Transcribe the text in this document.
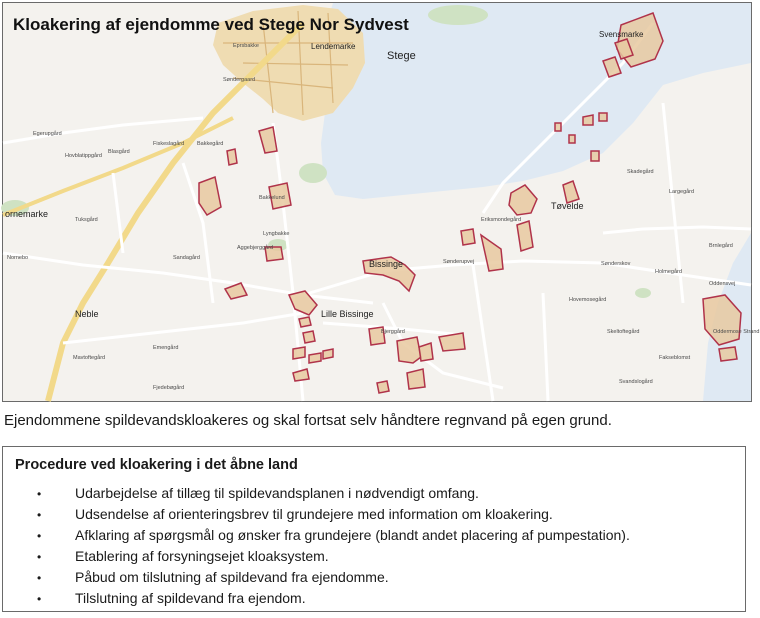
Stege
Lendemarke
Svensmarke
Tøvelde
Bissinge
Lille Bissinge
Neble
ornemarke
Eprsbakke
Søndergaard
Egerupgård
Hovblatippgård
Blasgård
Fiskeslagård Bakkegård
Bakkelund
Aggebjerggård
Sandagård
Tuksgård
Nornebo
Mavtoftegård
Fjedebøgård
Emengård
Bjerggård
Eriksmondegård
Sønderupvej
Oddensvej
Holmegård
Oddermose Strand
Sønderskov
Skadegård
Largegård
Hovemosegård
Brnlegård
Skeltoftegård
Fakseblomst
Svandslogård
Lyngbakke
Kloakering af ejendomme ved Stege Nor Sydvest

Ejendommene spildevandskloakeres og skal fortsat selv håndtere regnvand på egen grund.

Procedure ved kloakering i det åbne land
• Udarbejdelse af tillæg til spildevandsplanen i nødvendigt omfang.
• Udsendelse af orienteringsbrev til grundejere med information om kloakering.
• Afklaring af spørgsmål og ønsker fra grundejere (blandt andet placering af pumpestation).
• Etablering af forsyningsejet kloaksystem.
• Påbud om tilslutning af spildevand fra ejendomme.
• Tilslutning af spildevand fra ejendom.
